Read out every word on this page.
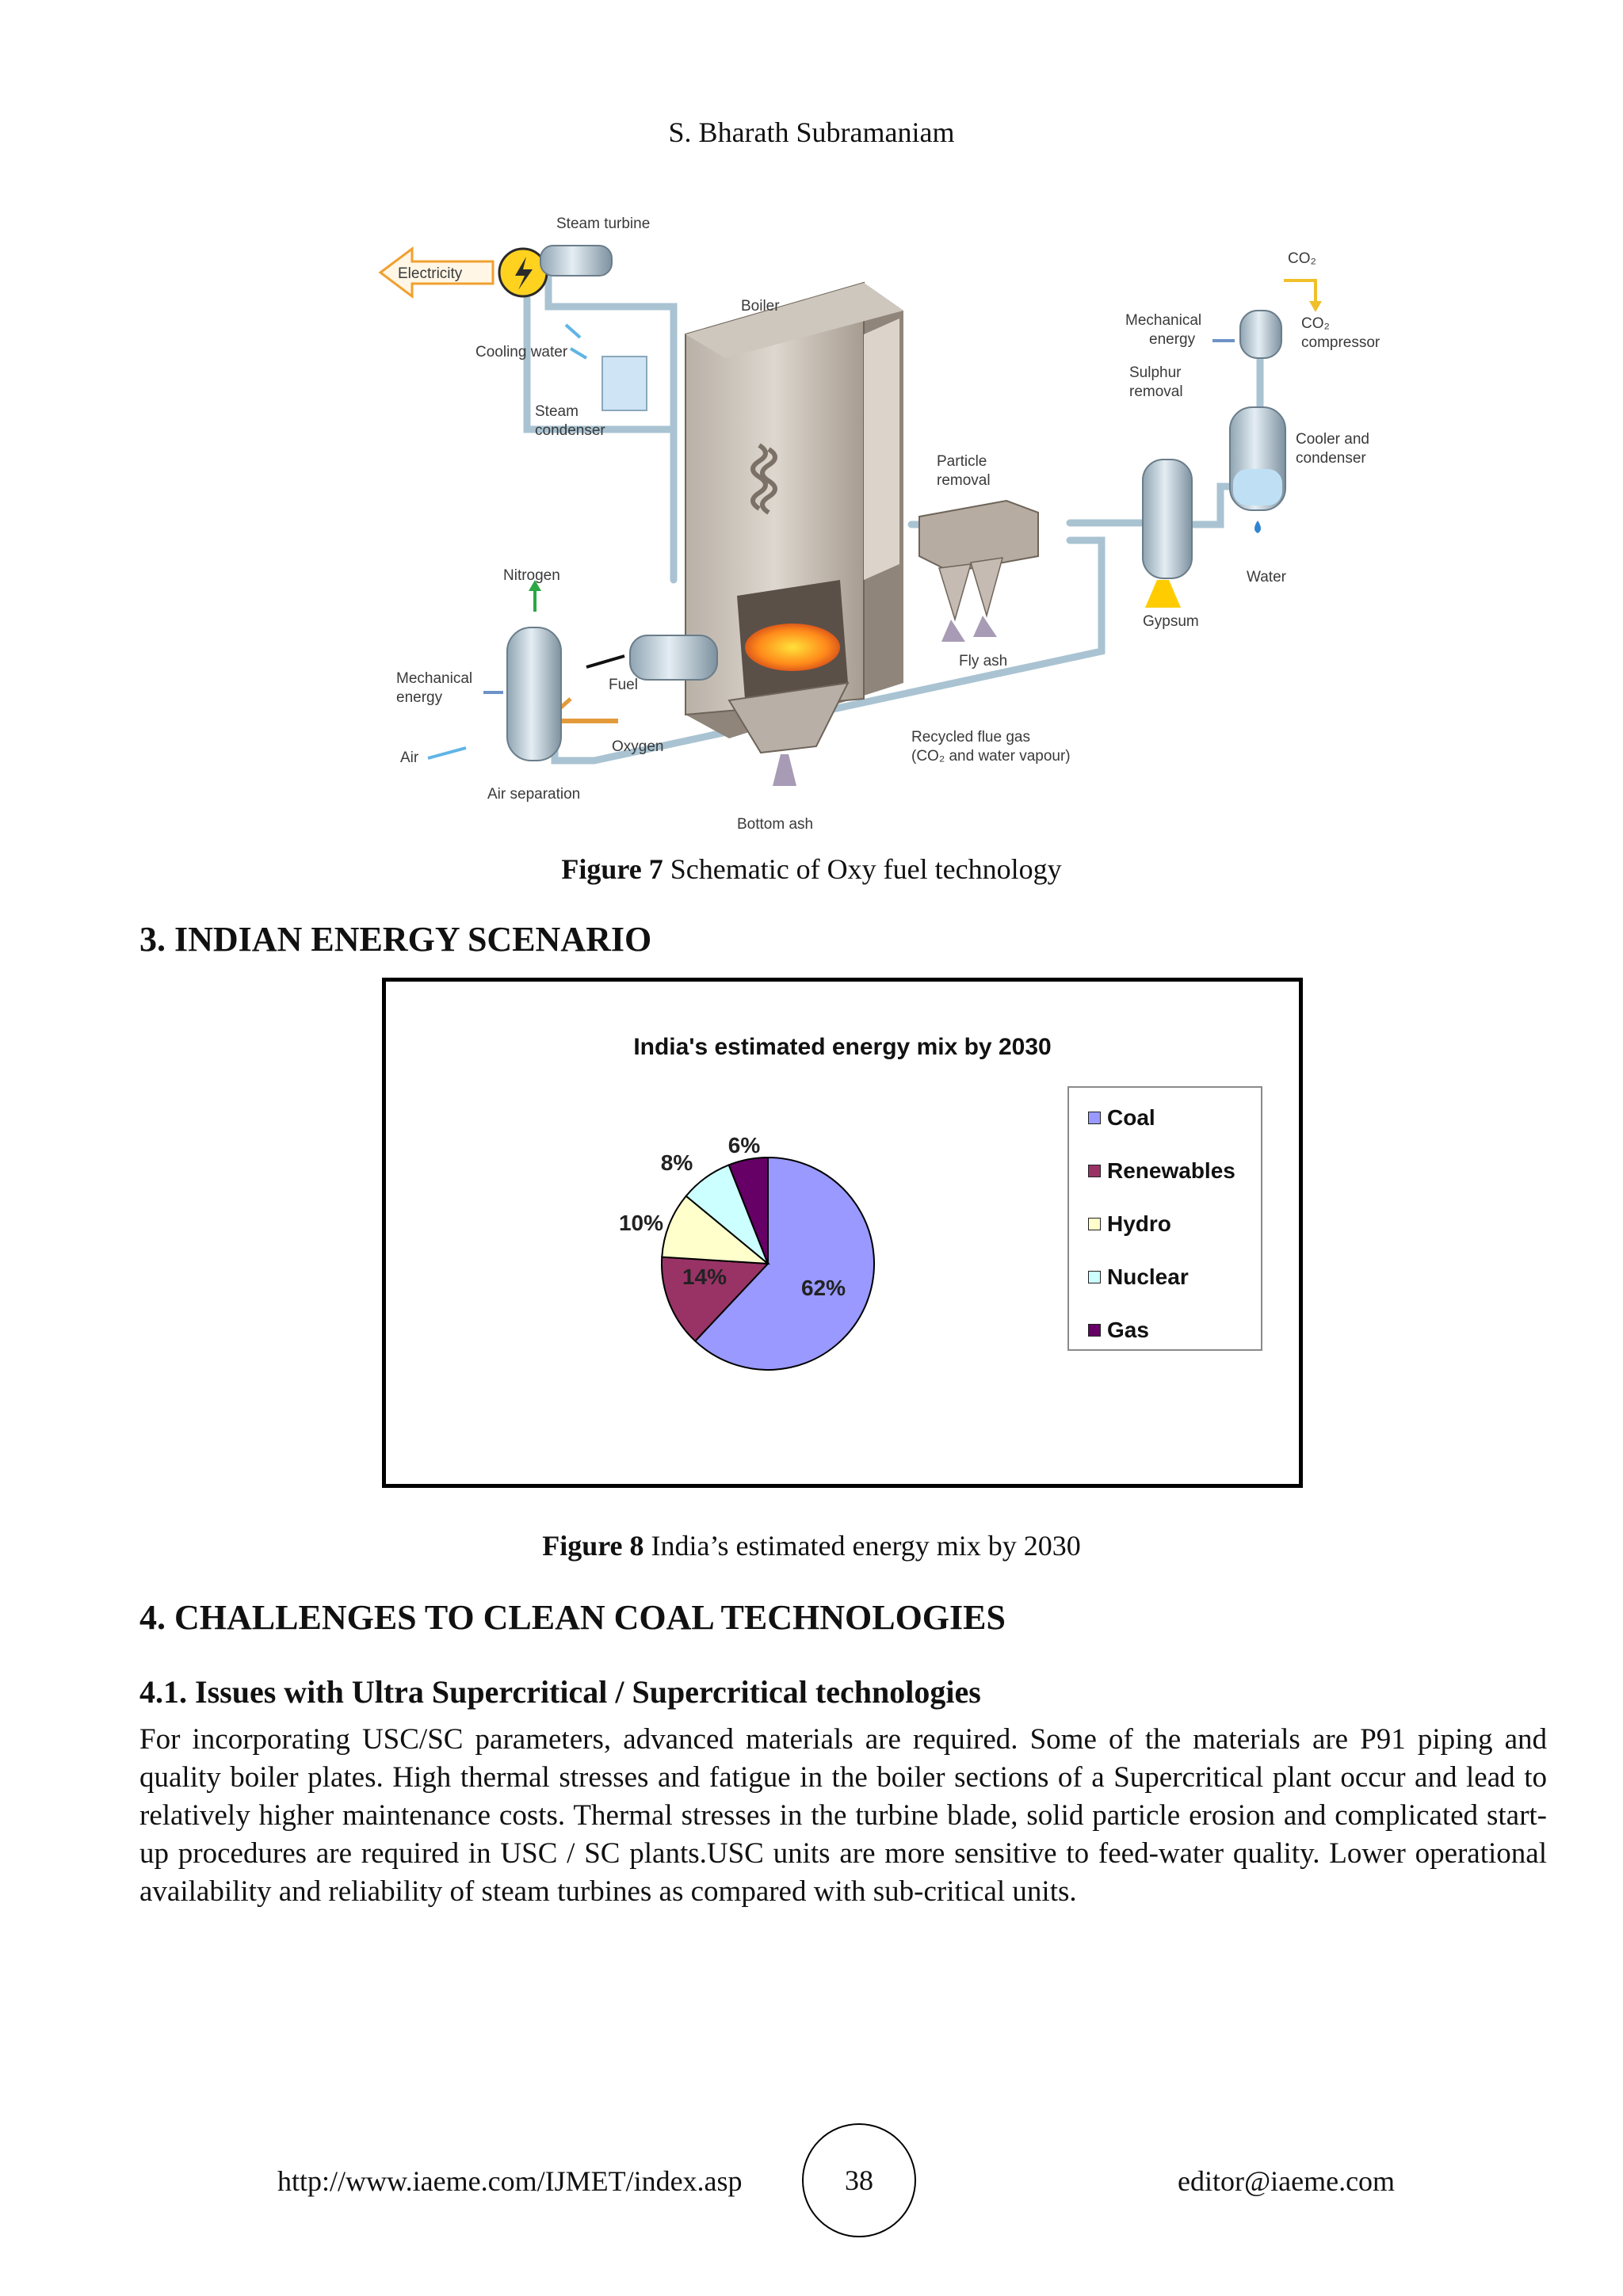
S. Bharath Subramaniam
Electricity
Steam turbine
Cooling water
Steam
condenser
Boiler
Fuel
Bottom ash
Particle
removal
Fly ash
Sulphur
removal
Gypsum
Water
Cooler and
condenser
CO₂
CO₂
compressor
Mechanical
energy
Nitrogen
Mechanical
energy
Air
Air separation
Oxygen
Recycled flue gas
(CO₂ and water vapour)
Figure 7 Schematic of Oxy fuel technology
3. INDIAN ENERGY SCENARIO
India's estimated energy mix by 2030
62%
14%
10%
8%
6%
Coal
Renewables
Hydro
Nuclear
Gas
Figure 8 India’s estimated energy mix by 2030
4. CHALLENGES TO CLEAN COAL TECHNOLOGIES
4.1. Issues with Ultra Supercritical / Supercritical technologies
For incorporating USC/SC parameters, advanced materials are required. Some of the materials are P91 piping and quality boiler plates. High thermal stresses and fatigue in the boiler sections of a Supercritical plant occur and lead to relatively higher maintenance costs. Thermal stresses in the turbine blade, solid particle erosion and complicated start-up procedures are required in USC / SC plants.USC units are more sensitive to feed-water quality. Lower operational availability and reliability of steam turbines as compared with sub-critical units.
http://www.iaeme.com/IJMET/index.asp	38	editor@iaeme.com
